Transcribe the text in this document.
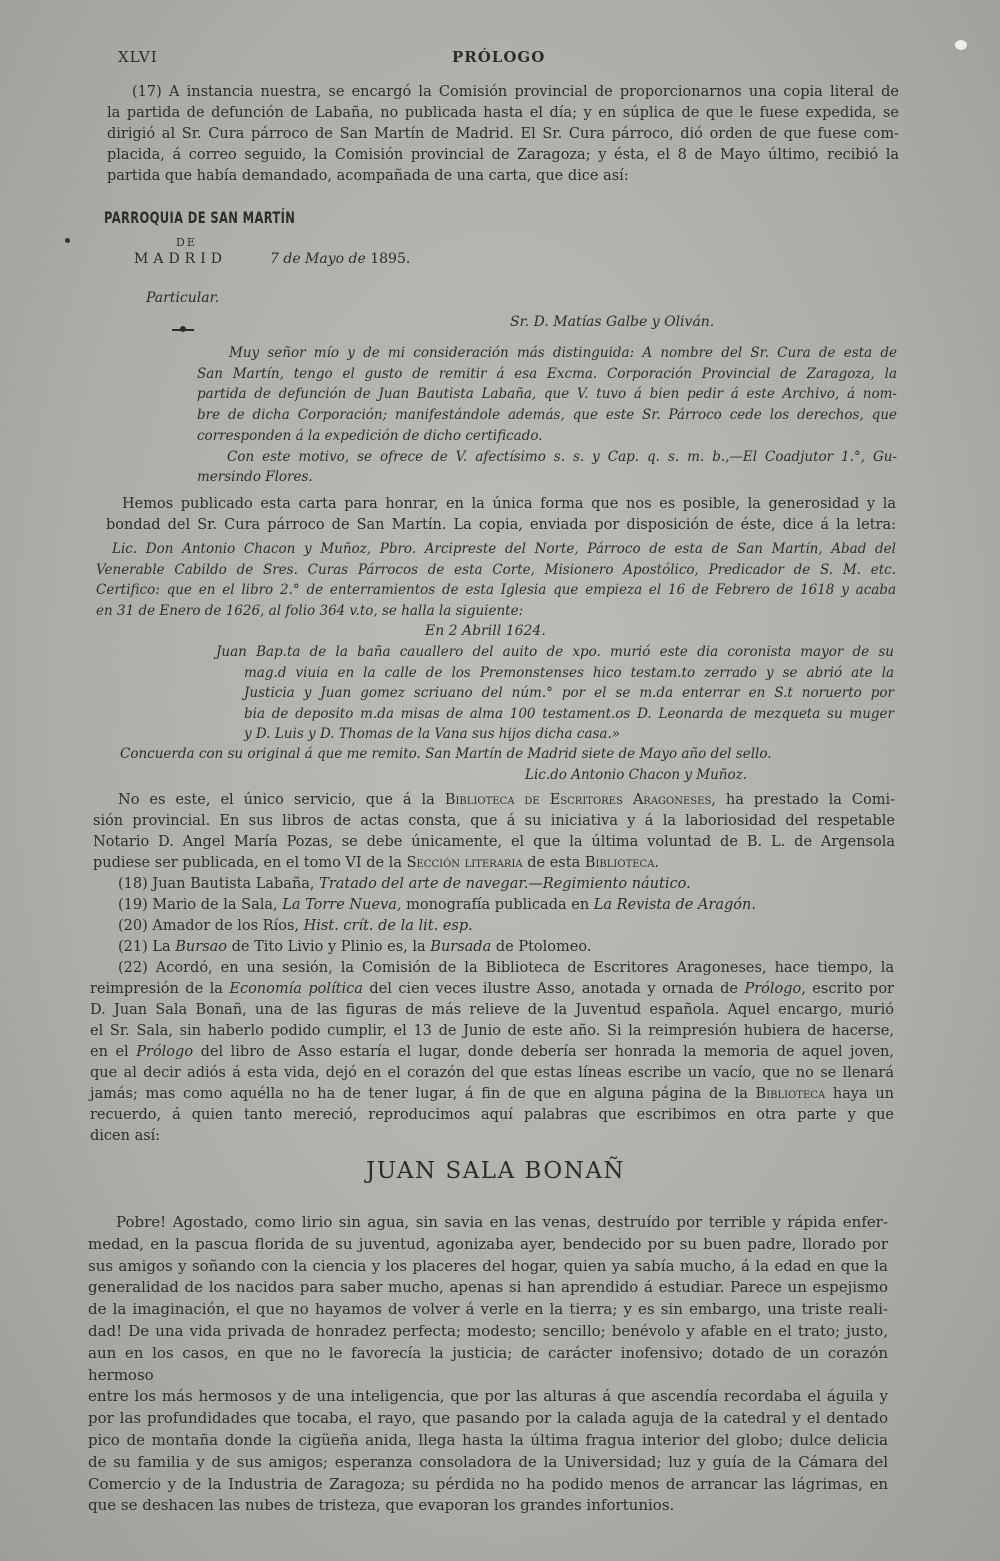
XLVI	PRÓLOGO

(17) A instancia nuestra, se encargó la Comisión provincial de proporcionarnos una copia literal de

la partida de defunción de Labaña, no publicada hasta el día; y en súplica de que le fuese expedida, se

dirigió al Sr. Cura párroco de San Martín de Madrid. El Sr. Cura párroco, dió orden de que fuese com-

placida, á correo seguido, la Comisión provincial de Zaragoza; y ésta, el 8 de Mayo último, recibió la

partida que había demandado, acompañada de una carta, que dice así:

PARROQUIA DE SAN MARTÍN
DE
MADRID	7 de Mayo de 1895.
Particular.
Sr. D. Matías Galbe y Oliván.

Muy señor mío y de mi consideración más distinguida: A nombre del Sr. Cura de esta de

San Martín, tengo el gusto de remitir á esa Excma. Corporación Provincial de Zaragoza, la

partida de defunción de Juan Bautista Labaña, que V. tuvo á bien pedir á este Archivo, á nom-

bre de dicha Corporación; manifestándole además, que este Sr. Párroco cede los derechos, que

corresponden á la expedición de dicho certificado.

Con este motivo, se ofrece de V. afectísimo s. s. y Cap. q. s. m. b.,—El Coadjutor 1.°, Gu-

mersindo Flores.

Hemos publicado esta carta para honrar, en la única forma que nos es posible, la generosidad y la

bondad del Sr. Cura párroco de San Martín. La copia, enviada por disposición de éste, dice á la letra:

Lic. Don Antonio Chacon y Muñoz, Pbro. Arcipreste del Norte, Párroco de esta de San Martín, Abad del

Venerable Cabildo de Sres. Curas Párrocos de esta Corte, Misionero Apostólico, Predicador de S. M. etc.

Certifico: que en el libro 2.° de enterramientos de esta Iglesia que empieza el 16 de Febrero de 1618 y acaba

en 31 de Enero de 1626, al folio 364 v.to, se halla la siguiente:

En 2 Abrill 1624.

Juan Bap.ta de la baña cauallero del auito de xpo. murió este dia coronista mayor de su

mag.d viuia en la calle de los Premonstenses hico testam.to zerrado y se abrió ate la

Justicia y Juan gomez scriuano del núm.° por el se m.da enterrar en S.t noruerto por

bia de deposito m.da misas de alma 100 testament.os D. Leonarda de mezqueta su muger

y D. Luis y D. Thomas de la Vana sus hijos dicha casa.»

Concuerda con su original á que me remito. San Martín de Madrid siete de Mayo año del sello.
Lic.do Antonio Chacon y Muñoz.

No es este, el único servicio, que á la Biblioteca de Escritores Aragoneses, ha prestado la Comi-

sión provincial. En sus libros de actas consta, que á su iniciativa y á la laboriosidad del respetable

Notario D. Angel María Pozas, se debe únicamente, el que la última voluntad de B. L. de Argensola

pudiese ser publicada, en el tomo VI de la Sección literaria de esta Biblioteca.

(18) Juan Bautista Labaña, Tratado del arte de navegar.—Regimiento náutico.

(19) Mario de la Sala, La Torre Nueva, monografía publicada en La Revista de Aragón.

(20) Amador de los Ríos, Hist. crít. de la lit. esp.

(21) La Bursao de Tito Livio y Plinio es, la Bursada de Ptolomeo.

(22) Acordó, en una sesión, la Comisión de la Biblioteca de Escritores Aragoneses, hace tiempo, la

reimpresión de la Economía política del cien veces ilustre Asso, anotada y ornada de Prólogo, escrito por

D. Juan Sala Bonañ, una de las figuras de más relieve de la Juventud española. Aquel encargo, murió

el Sr. Sala, sin haberlo podido cumplir, el 13 de Junio de este año. Si la reimpresión hubiera de hacerse,

en el Prólogo del libro de Asso estaría el lugar, donde debería ser honrada la memoria de aquel joven,

que al decir adiós á esta vida, dejó en el corazón del que estas líneas escribe un vacío, que no se llenará

jamás; mas como aquélla no ha de tener lugar, á fin de que en alguna página de la Biblioteca haya un

recuerdo, á quien tanto mereció, reproducimos aquí palabras que escribimos en otra parte y que

dicen así:

JUAN SALA BONAÑ

Pobre! Agostado, como lirio sin agua, sin savia en las venas, destruído por terrible y rápida enfer-

medad, en la pascua florida de su juventud, agonizaba ayer, bendecido por su buen padre, llorado por

sus amigos y soñando con la ciencia y los placeres del hogar, quien ya sabía mucho, á la edad en que la

generalidad de los nacidos para saber mucho, apenas si han aprendido á estudiar. Parece un espejismo

de la imaginación, el que no hayamos de volver á verle en la tierra; y es sin embargo, una triste reali-

dad! De una vida privada de honradez perfecta; modesto; sencillo; benévolo y afable en el trato; justo,

aun en los casos, en que no le favorecía la justicia; de carácter inofensivo; dotado de un corazón hermoso

entre los más hermosos y de una inteligencia, que por las alturas á que ascendía recordaba el águila y

por las profundidades que tocaba, el rayo, que pasando por la calada aguja de la catedral y el dentado

pico de montaña donde la cigüeña anida, llega hasta la última fragua interior del globo; dulce delicia

de su familia y de sus amigos; esperanza consoladora de la Universidad; luz y guía de la Cámara del

Comercio y de la Industria de Zaragoza; su pérdida no ha podido menos de arrancar las lágrimas, en

que se deshacen las nubes de tristeza, que evaporan los grandes infortunios.
